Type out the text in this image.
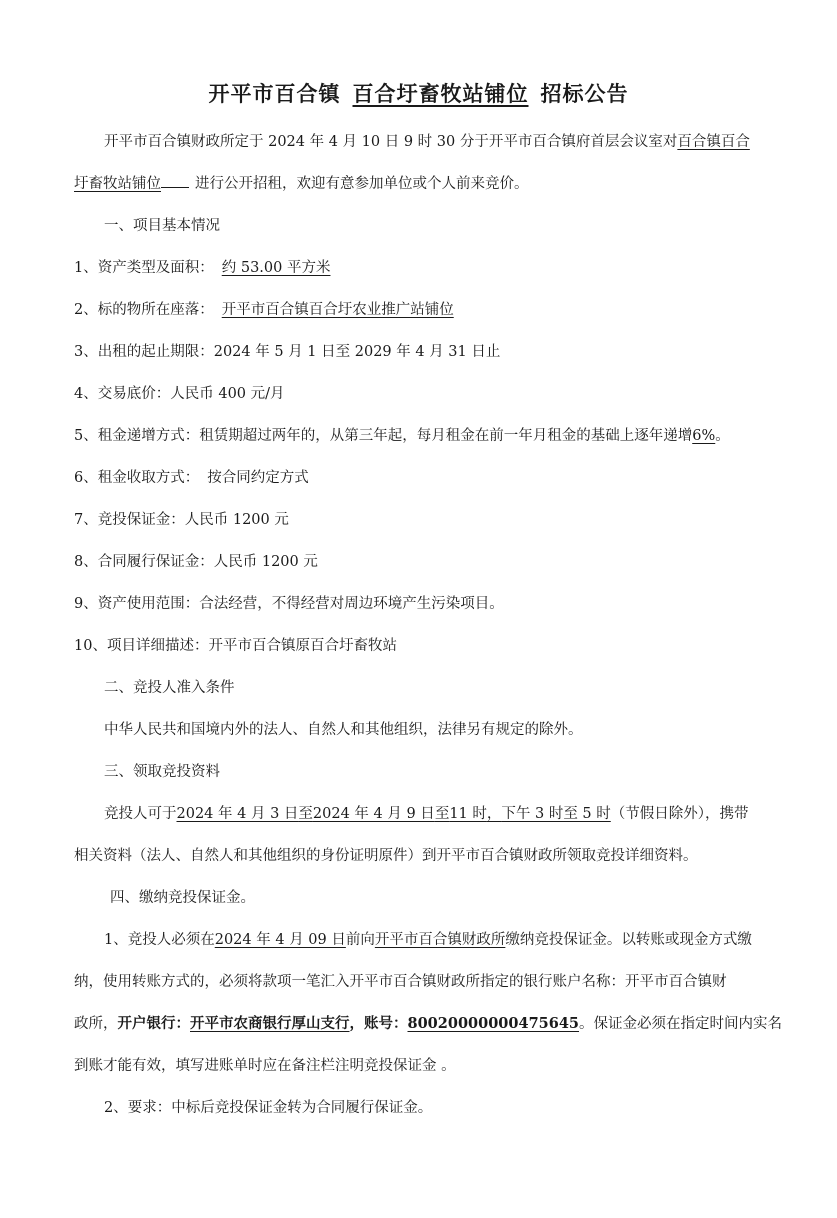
开平市百合镇 百合圩畜牧站铺位 招标公告
开平市百合镇财政所定于 2024 年 4 月 10 日 9 时 30 分于开平市百合镇府首层会议室对百合镇百合
圩畜牧站铺位 进行公开招租，欢迎有意参加单位或个人前来竞价。
一、项目基本情况
1、资产类型及面积： 约 53.00 平方米
2、标的物所在座落： 开平市百合镇百合圩农业推广站铺位
3、出租的起止期限：2024 年 5 月 1 日至 2029 年 4 月 31 日止
4、交易底价：人民币 400 元/月
5、租金递增方式：租赁期超过两年的，从第三年起，每月租金在前一年月租金的基础上逐年递增6%。
6、租金收取方式： 按合同约定方式
7、竞投保证金：人民币 1200 元
8、合同履行保证金：人民币 1200 元
9、资产使用范围：合法经营，不得经营对周边环境产生污染项目。
10、项目详细描述：开平市百合镇原百合圩畜牧站
二、竞投人准入条件
中华人民共和国境内外的法人、自然人和其他组织，法律另有规定的除外。
三、领取竞投资料
竞投人可于2024 年 4 月 3 日至2024 年 4 月 9 日至11 时，下午 3 时至 5 时（节假日除外），携带
相关资料（法人、自然人和其他组织的身份证明原件）到开平市百合镇财政所领取竞投详细资料。
四、缴纳竞投保证金。
1、竞投人必须在2024 年 4 月 09 日前向开平市百合镇财政所缴纳竞投保证金。以转账或现金方式缴
纳，使用转账方式的，必须将款项一笔汇入开平市百合镇财政所指定的银行账户名称：开平市百合镇财
政所，开户银行：开平市农商银行厚山支行，账号：80020000000475645。保证金必须在指定时间内实名
到账才能有效，填写进账单时应在备注栏注明竞投保证金 。
2、要求：中标后竞投保证金转为合同履行保证金。
